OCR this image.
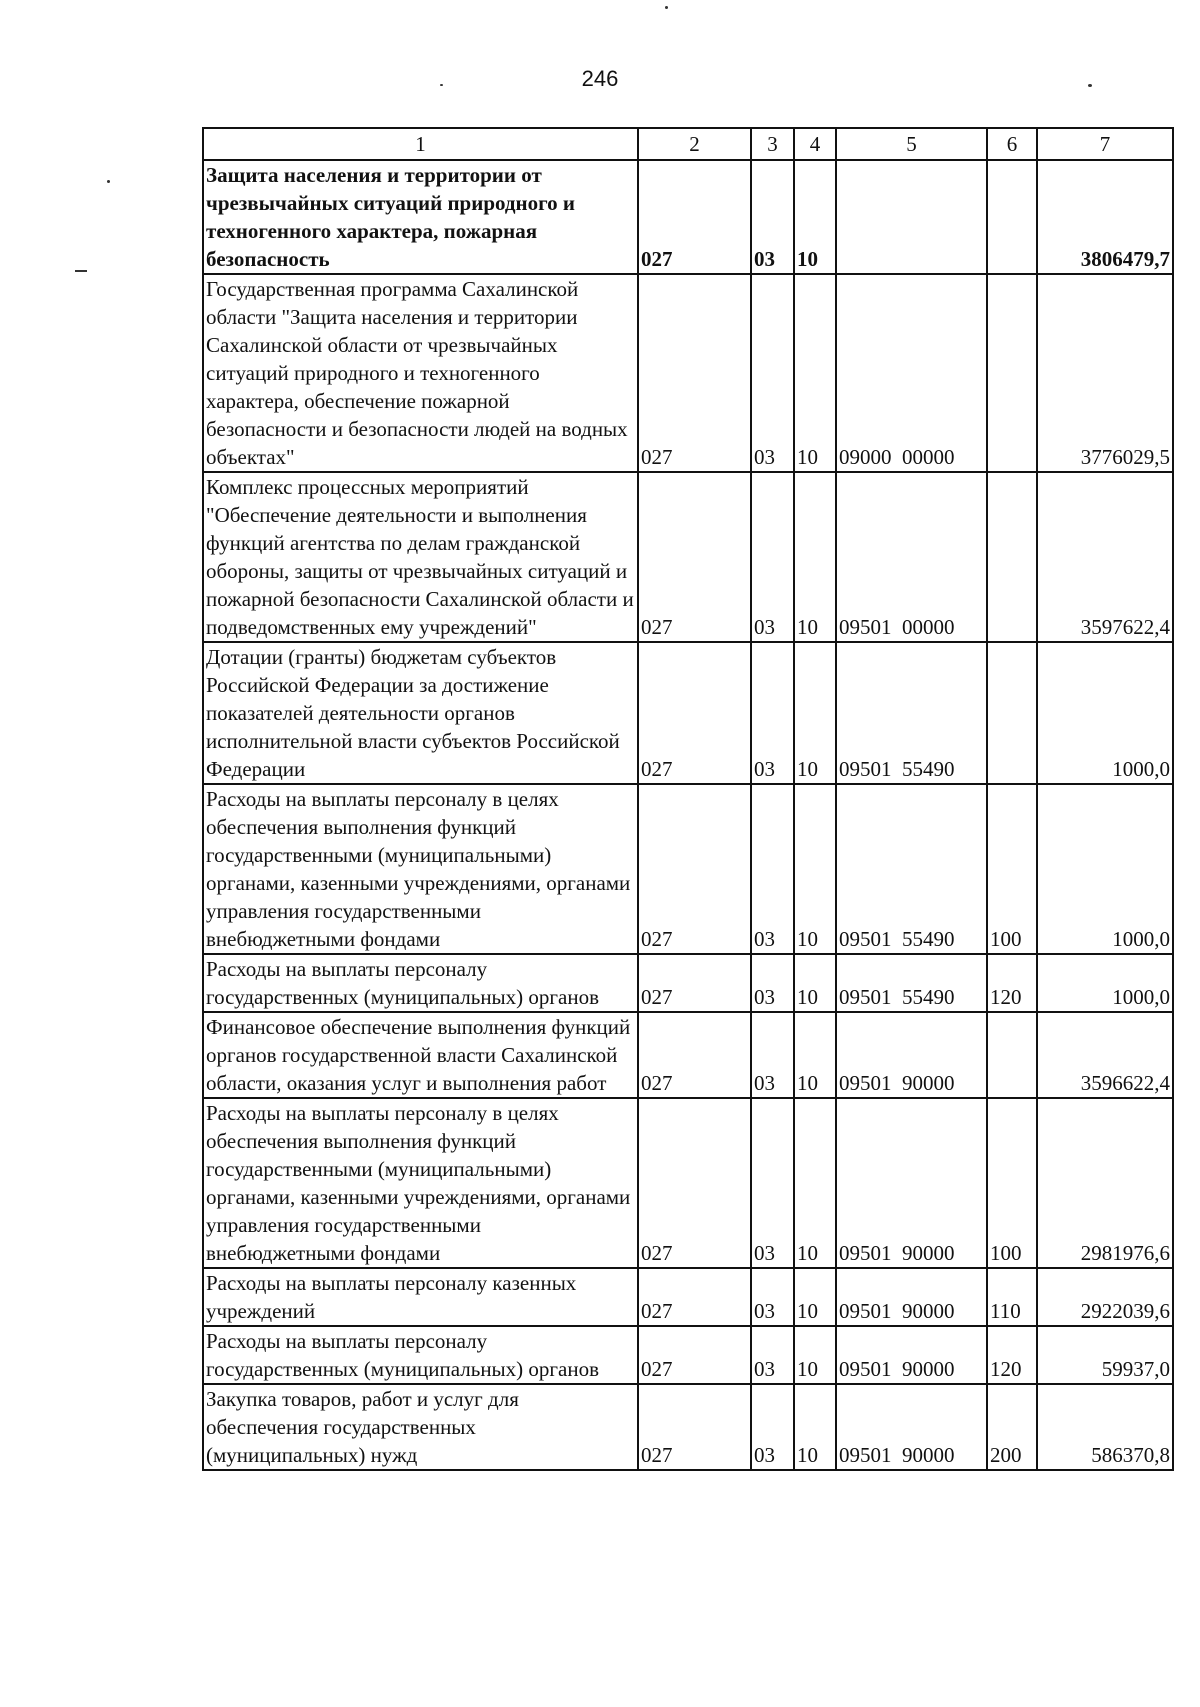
246
1	2	3	4	5	6	7
Защита населения и территории от чрезвычайных ситуаций природного и техногенного характера, пожарная безопасность	027	03	10			3806479,7
Государственная программа Сахалинской области "Защита населения и территории Сахалинской области от чрезвычайных ситуаций природного и техногенного характера, обеспечение пожарной безопасности и безопасности людей на водных объектах"	027	03	10	09000  00000		3776029,5
Комплекс процессных мероприятий "Обеспечение деятельности и выполнения функций агентства по делам гражданской обороны, защиты от чрезвычайных ситуаций и пожарной безопасности Сахалинской области и подведомственных ему учреждений"	027	03	10	09501  00000		3597622,4
Дотации (гранты) бюджетам субъектов Российской Федерации за достижение показателей деятельности органов исполнительной власти субъектов Российской Федерации	027	03	10	09501  55490		1000,0
Расходы на выплаты персоналу в целях обеспечения выполнения функций государственными (муниципальными) органами, казенными учреждениями, органами управления государственными внебюджетными фондами	027	03	10	09501  55490	100	1000,0
Расходы на выплаты персоналу государственных (муниципальных) органов	027	03	10	09501  55490	120	1000,0
Финансовое обеспечение выполнения функций органов государственной власти Сахалинской области, оказания услуг и выполнения работ	027	03	10	09501  90000		3596622,4
Расходы на выплаты персоналу в целях обеспечения выполнения функций государственными (муниципальными) органами, казенными учреждениями, органами управления государственными внебюджетными фондами	027	03	10	09501  90000	100	2981976,6
Расходы на выплаты персоналу казенных учреждений	027	03	10	09501  90000	110	2922039,6
Расходы на выплаты персоналу государственных (муниципальных) органов	027	03	10	09501  90000	120	59937,0
Закупка товаров, работ и услуг для обеспечения государственных (муниципальных) нужд	027	03	10	09501  90000	200	586370,8
